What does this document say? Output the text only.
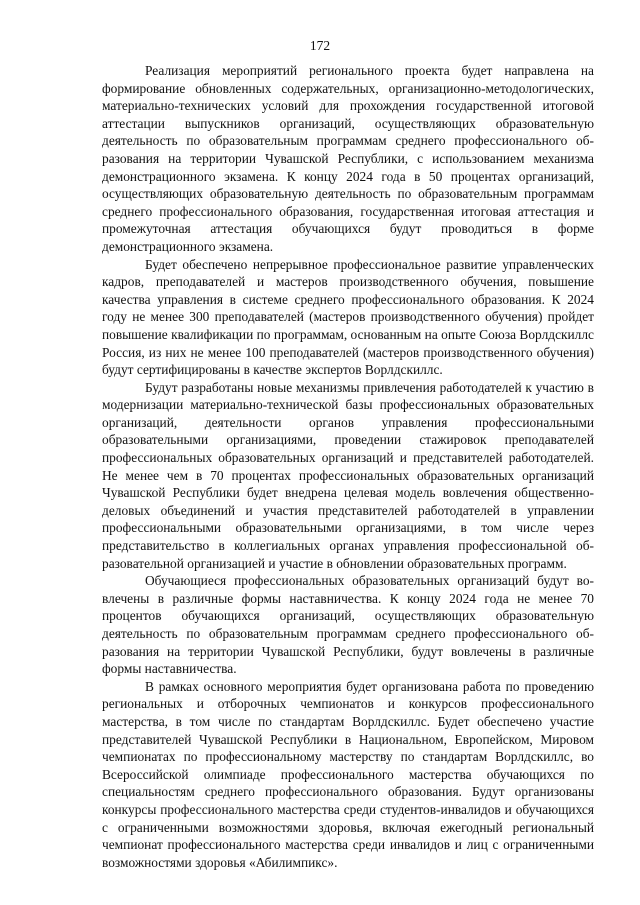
172

Реализация мероприятий регионального проекта будет направлена на формирование обновленных содержательных, организационно-методологических, материально-технических условий для прохождения государственной итоговой аттестации выпускников организаций, осуществляющих образовательную деятельность по образовательным программам среднего профессионального образования на территории Чувашской Республики, с использованием механизма демонстрационного экзамена. К концу 2024 года в 50 процентах организаций, осуществляющих образовательную деятельность по образовательным программам среднего профессионального образования, государственная итоговая аттестация и промежуточная аттестация обучающихся будут проводиться в форме демонстрационного экзамена.

Будет обеспечено непрерывное профессиональное развитие управленческих кадров, преподавателей и мастеров производственного обучения, повышение качества управления в системе среднего профессионального образования. К 2024 году не менее 300 преподавателей (мастеров производственного обучения) пройдет повышение квалификации по программам, основанным на опыте Союза Ворлдскиллс Россия, из них не менее 100 преподавателей (мастеров производственного обучения) будут сертифицированы в качестве экспертов Ворлдскиллс.

Будут разработаны новые механизмы привлечения работодателей к участию в модернизации материально-технической базы профессиональных образовательных организаций, деятельности органов управления профессиональными образовательными организациями, проведении стажировок преподавателей профессиональных образовательных организаций и представителей работодателей. Не менее чем в 70 процентах профессиональных образовательных организаций Чувашской Республики будет внедрена целевая модель вовлечения общественно-деловых объединений и участия представителей работодателей в управлении профессиональными образовательными организациями, в том числе через представительство в коллегиальных органах управления профессиональной образовательной организацией и участие в обновлении образовательных программ.

Обучающиеся профессиональных образовательных организаций будут вовлечены в различные формы наставничества. К концу 2024 года не менее 70 процентов обучающихся организаций, осуществляющих образовательную деятельность по образовательным программам среднего профессионального образования на территории Чувашской Республики, будут вовлечены в различные формы наставничества.

В рамках основного мероприятия будет организована работа по проведению региональных и отборочных чемпионатов и конкурсов профессионального мастерства, в том числе по стандартам Ворлдскиллс. Будет обеспечено участие представителей Чувашской Республики в Национальном, Европейском, Мировом чемпионатах по профессиональному мастерству по стандартам Ворлдскиллс, во Всероссийской олимпиаде профессионального мастерства обучающихся по специальностям среднего профессионального образования. Будут организованы конкурсы профессионального мастерства среди студентов-инвалидов и обучающихся с ограниченными возможностями здоровья, включая ежегодный региональный чемпионат профессионального мастерства среди инвалидов и лиц с ограниченными возможностями здоровья «Абилимпикс».
